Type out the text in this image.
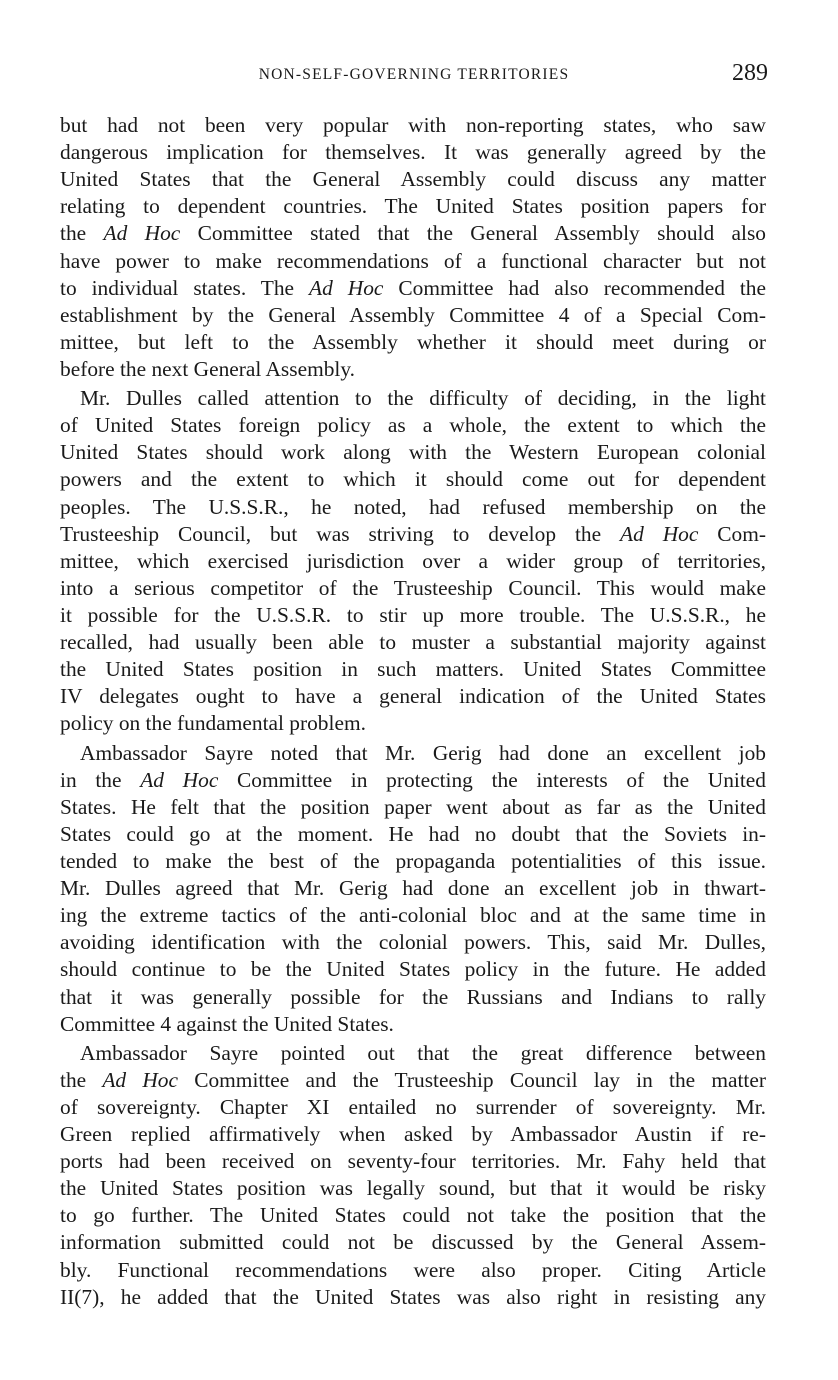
NON-SELF-GOVERNING TERRITORIES	289
but had not been very popular with non-reporting states, who saw
dangerous implication for themselves. It was generally agreed by the
United States that the General Assembly could discuss any matter
relating to dependent countries. The United States position papers for
the Ad Hoc Committee stated that the General Assembly should also
have power to make recommendations of a functional character but not
to individual states. The Ad Hoc Committee had also recommended the
establishment by the General Assembly Committee 4 of a Special Com-
mittee, but left to the Assembly whether it should meet during or
before the next General Assembly.
Mr. Dulles called attention to the difficulty of deciding, in the light
of United States foreign policy as a whole, the extent to which the
United States should work along with the Western European colonial
powers and the extent to which it should come out for dependent
peoples. The U.S.S.R., he noted, had refused membership on the
Trusteeship Council, but was striving to develop the Ad Hoc Com-
mittee, which exercised jurisdiction over a wider group of territories,
into a serious competitor of the Trusteeship Council. This would make
it possible for the U.S.S.R. to stir up more trouble. The U.S.S.R., he
recalled, had usually been able to muster a substantial majority against
the United States position in such matters. United States Committee
IV delegates ought to have a general indication of the United States
policy on the fundamental problem.
Ambassador Sayre noted that Mr. Gerig had done an excellent job
in the Ad Hoc Committee in protecting the interests of the United
States. He felt that the position paper went about as far as the United
States could go at the moment. He had no doubt that the Soviets in-
tended to make the best of the propaganda potentialities of this issue.
Mr. Dulles agreed that Mr. Gerig had done an excellent job in thwart-
ing the extreme tactics of the anti-colonial bloc and at the same time in
avoiding identification with the colonial powers. This, said Mr. Dulles,
should continue to be the United States policy in the future. He added
that it was generally possible for the Russians and Indians to rally
Committee 4 against the United States.
Ambassador Sayre pointed out that the great difference between
the Ad Hoc Committee and the Trusteeship Council lay in the matter
of sovereignty. Chapter XI entailed no surrender of sovereignty. Mr.
Green replied affirmatively when asked by Ambassador Austin if re-
ports had been received on seventy-four territories. Mr. Fahy held that
the United States position was legally sound, but that it would be risky
to go further. The United States could not take the position that the
information submitted could not be discussed by the General Assem-
bly. Functional recommendations were also proper. Citing Article
II(7), he added that the United States was also right in resisting any
